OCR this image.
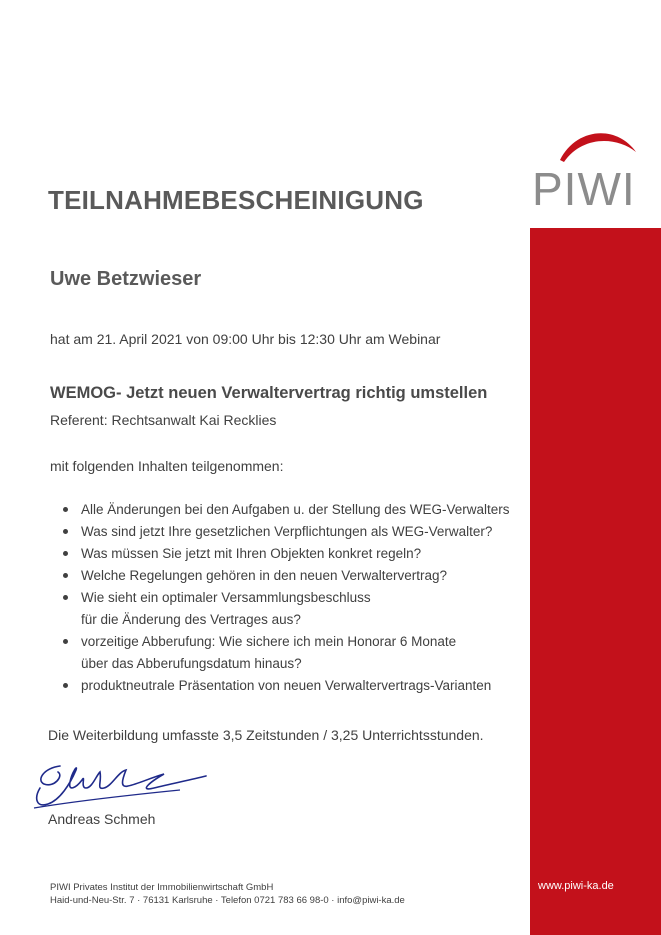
PIWI
TEILNAHMEBESCHEINIGUNG
Uwe Betzwieser
hat am 21. April 2021 von 09:00 Uhr bis 12:30 Uhr am Webinar
WEMOG- Jetzt neuen Verwaltervertrag richtig umstellen
Referent: Rechtsanwalt Kai Recklies
mit folgenden Inhalten teilgenommen:
Alle Änderungen bei den Aufgaben u. der Stellung des WEG-Verwalters
Was sind jetzt Ihre gesetzlichen Verpflichtungen als WEG-Verwalter?
Was müssen Sie jetzt mit Ihren Objekten konkret regeln?
Welche Regelungen gehören in den neuen Verwaltervertrag?
Wie sieht ein optimaler Versammlungsbeschluss
für die Änderung des Vertrages aus?
vorzeitige Abberufung: Wie sichere ich mein Honorar 6 Monate
über das Abberufungsdatum hinaus?
produktneutrale Präsentation von neuen Verwaltervertrags-Varianten
Die Weiterbildung umfasste 3,5 Zeitstunden / 3,25 Unterrichtsstunden.
Andreas Schmeh
PIWI Privates Institut der Immobilienwirtschaft GmbH
Haid-und-Neu-Str. 7 · 76131 Karlsruhe · Telefon 0721 783 66 98-0 · info@piwi-ka.de
www.piwi-ka.de
